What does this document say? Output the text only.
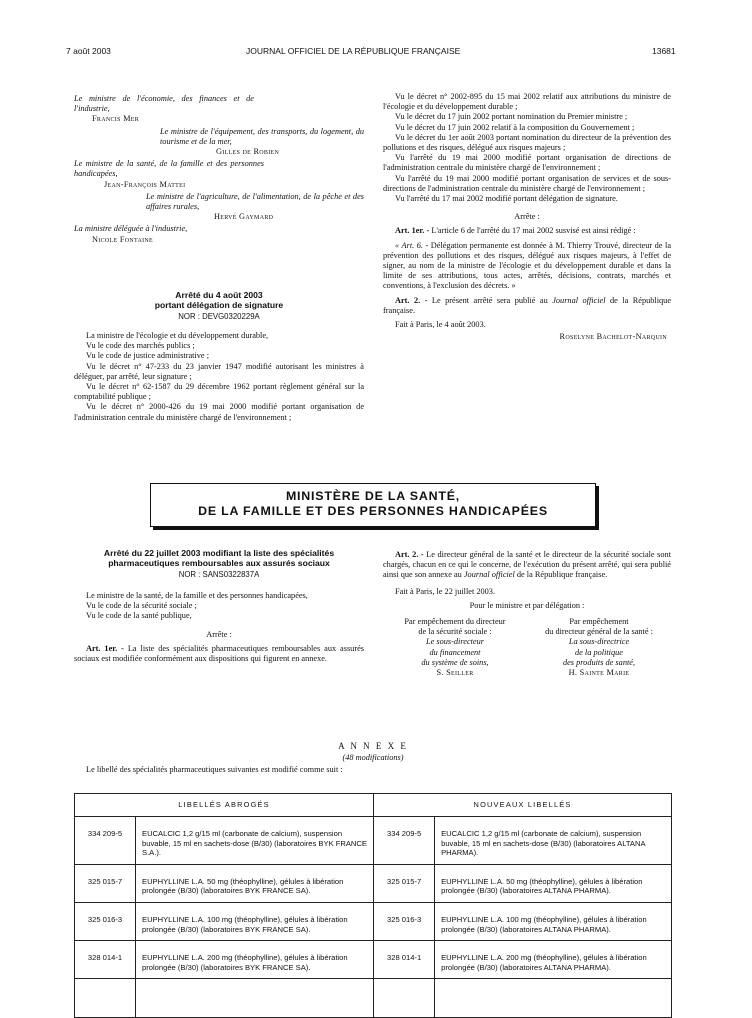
7 août 2003	JOURNAL OFFICIEL DE LA RÉPUBLIQUE FRANÇAISE	13681

Le ministre de l'économie, des finances et de l'industrie,

Francis Mer

Le ministre de l'équipement, des transports, du logement, du tourisme et de la mer,

Gilles de Robien

Le ministre de la santé, de la famille et des personnes handicapées,

Jean-François Mattei

Le ministre de l'agriculture, de l'alimentation, de la pêche et des affaires rurales,

Hervé Gaymard

La ministre déléguée à l'industrie,

Nicole Fontaine

Arrêté du 4 août 2003
portant délégation de signature
NOR : DEVG0320229A

La ministre de l'écologie et du développement durable,

Vu le code des marchés publics ;

Vu le code de justice administrative ;

Vu le décret n° 47-233 du 23 janvier 1947 modifié autorisant les ministres à déléguer, par arrêté, leur signature ;

Vu le décret n° 62-1587 du 29 décembre 1962 portant règlement général sur la comptabilité publique ;

Vu le décret n° 2000-426 du 19 mai 2000 modifié portant organisation de l'administration centrale du ministère chargé de l'environnement ;

Vu le décret n° 2002-895 du 15 mai 2002 relatif aux attributions du ministre de l'écologie et du développement durable ;

Vu le décret du 17 juin 2002 portant nomination du Premier ministre ;

Vu le décret du 17 juin 2002 relatif à la composition du Gouvernement ;

Vu le décret du 1er août 2003 portant nomination du directeur de la prévention des pollutions et des risques, délégué aux risques majeurs ;

Vu l'arrêté du 19 mai 2000 modifié portant organisation de directions de l'administration centrale du ministère chargé de l'environnement ;

Vu l'arrêté du 19 mai 2000 modifié portant organisation de services et de sous-directions de l'administration centrale du ministère chargé de l'environnement ;

Vu l'arrêté du 17 mai 2002 modifié portant délégation de signature.

Arrête :

Art. 1er. - L'article 6 de l'arrêté du 17 mai 2002 susvisé est ainsi rédigé :

« Art. 6. - Délégation permanente est donnée à M. Thierry Trouvé, directeur de la prévention des pollutions et des risques, délégué aux risques majeurs, à l'effet de signer, au nom de la ministre de l'écologie et du développement durable et dans la limite de ses attributions, tous actes, arrêtés, décisions, contrats, marchés et conventions, à l'exclusion des décrets. »

Art. 2. - Le présent arrêté sera publié au Journal officiel de la République française.

Fait à Paris, le 4 août 2003.

Roselyne Bachelot-Narquin

MINISTÈRE DE LA SANTÉ,
DE LA FAMILLE ET DES PERSONNES HANDICAPÉES
Arrêté du 22 juillet 2003 modifiant la liste des spécialités
pharmaceutiques remboursables aux assurés sociaux
NOR : SANS0322837A

Le ministre de la santé, de la famille et des personnes handicapées,

Vu le code de la sécurité sociale ;

Vu le code de la santé publique,

Arrête :

Art. 1er. - La liste des spécialités pharmaceutiques remboursables aux assurés sociaux est modifiée conformément aux dispositions qui figurent en annexe.

Art. 2. - Le directeur général de la santé et le directeur de la sécurité sociale sont chargés, chacun en ce qui le concerne, de l'exécution du présent arrêté, qui sera publié ainsi que son annexe au Journal officiel de la République française.

Fait à Paris, le 22 juillet 2003.

Pour le ministre et par délégation :

Par empêchement du directeur

de la sécurité sociale :

Le sous-directeur

du financement

du système de soins,

S. Seiller

Par empêchement

du directeur général de la santé :

La sous-directrice

de la politique

des produits de santé,

H. Sainte Marie

A N N E X E

(48 modifications)

Le libellé des spécialités pharmaceutiques suivantes est modifié comme suit :

LIBELLÉS ABROGÉS		NOUVEAUX LIBELLÉS	
334 209-5	EUCALCIC 1,2 g/15 ml (carbonate de calcium), suspension buvable, 15 ml en sachets-dose (B/30) (laboratoires BYK FRANCE S.A.).	334 209-5	EUCALCIC 1,2 g/15 ml (carbonate de calcium), suspension buvable, 15 ml en sachets-dose (B/30) (laboratoires ALTANA PHARMA).
325 015-7	EUPHYLLINE L.A. 50 mg (théophylline), gélules à libération prolongée (B/30) (laboratoires BYK FRANCE SA).	325 015-7	EUPHYLLINE L.A. 50 mg (théophylline), gélules à libération prolongée (B/30) (laboratoires ALTANA PHARMA).
325 016-3	EUPHYLLINE L.A. 100 mg (théophylline), gélules à libération prolongée (B/30) (laboratoires BYK FRANCE SA).	325 016-3	EUPHYLLINE L.A. 100 mg (théophylline), gélules à libération prolongée (B/30) (laboratoires ALTANA PHARMA).
328 014-1	EUPHYLLINE L.A. 200 mg (théophylline), gélules à libération prolongée (B/30) (laboratoires BYK FRANCE SA).	328 014-1	EUPHYLLINE L.A. 200 mg (théophylline), gélules à libération prolongée (B/30) (laboratoires ALTANA PHARMA).
